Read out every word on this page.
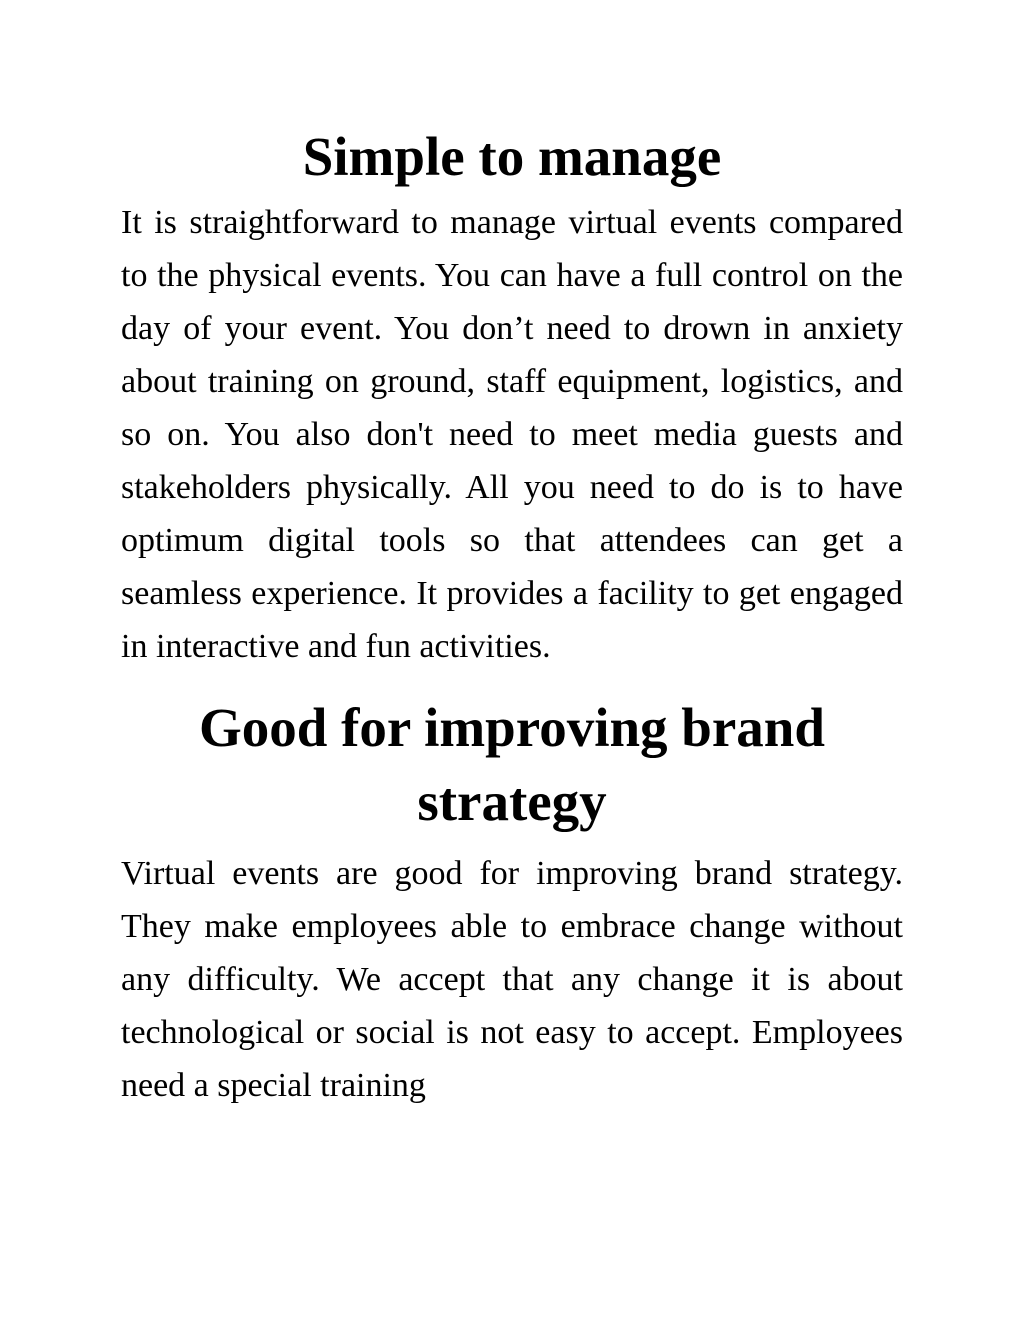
Simple to manage

It is straightforward to manage virtual events compared to the physical events. You can have a full control on the day of your event. You don’t need to drown in anxiety about training on ground, staff equipment, logistics, and so on. You also don't need to meet media guests and stakeholders physically. All you need to do is to have optimum digital tools so that attendees can get a seamless experience. It provides a facility to get engaged in interactive and fun activities.

Good for improving brand strategy

Virtual events are good for improving brand strategy. They make employees able to embrace change without any difficulty. We accept that any change it is about technological or social is not easy to accept. Employees need a special training
